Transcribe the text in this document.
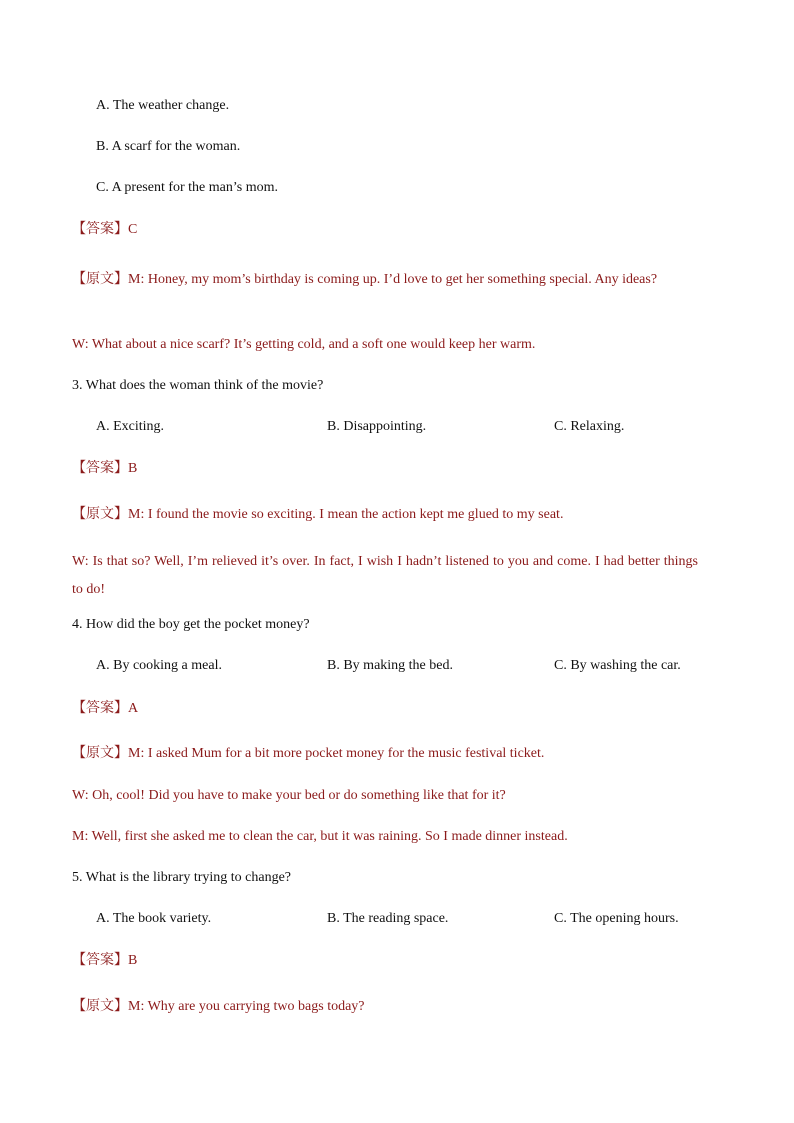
A. The weather change.
B. A scarf for the woman.
C. A present for the man’s mom.
【答案】C
【原文】M: Honey, my mom’s birthday is coming up. I’d love to get her something special. Any ideas?
W: What about a nice scarf? It’s getting cold, and a soft one would keep her warm.
3. What does the woman think of the movie?
A. Exciting.	B. Disappointing.	C. Relaxing.
【答案】B
【原文】M: I found the movie so exciting. I mean the action kept me glued to my seat.
W: Is that so? Well, I’m relieved it’s over. In fact, I wish I hadn’t listened to you and come. I had better things to do!
4. How did the boy get the pocket money?
A. By cooking a meal.	B. By making the bed.	C. By washing the car.
【答案】A
【原文】M: I asked Mum for a bit more pocket money for the music festival ticket.
W: Oh, cool! Did you have to make your bed or do something like that for it?
M: Well, first she asked me to clean the car, but it was raining. So I made dinner instead.
5. What is the library trying to change?
A. The book variety.	B. The reading space.	C. The opening hours.
【答案】B
【原文】M: Why are you carrying two bags today?
